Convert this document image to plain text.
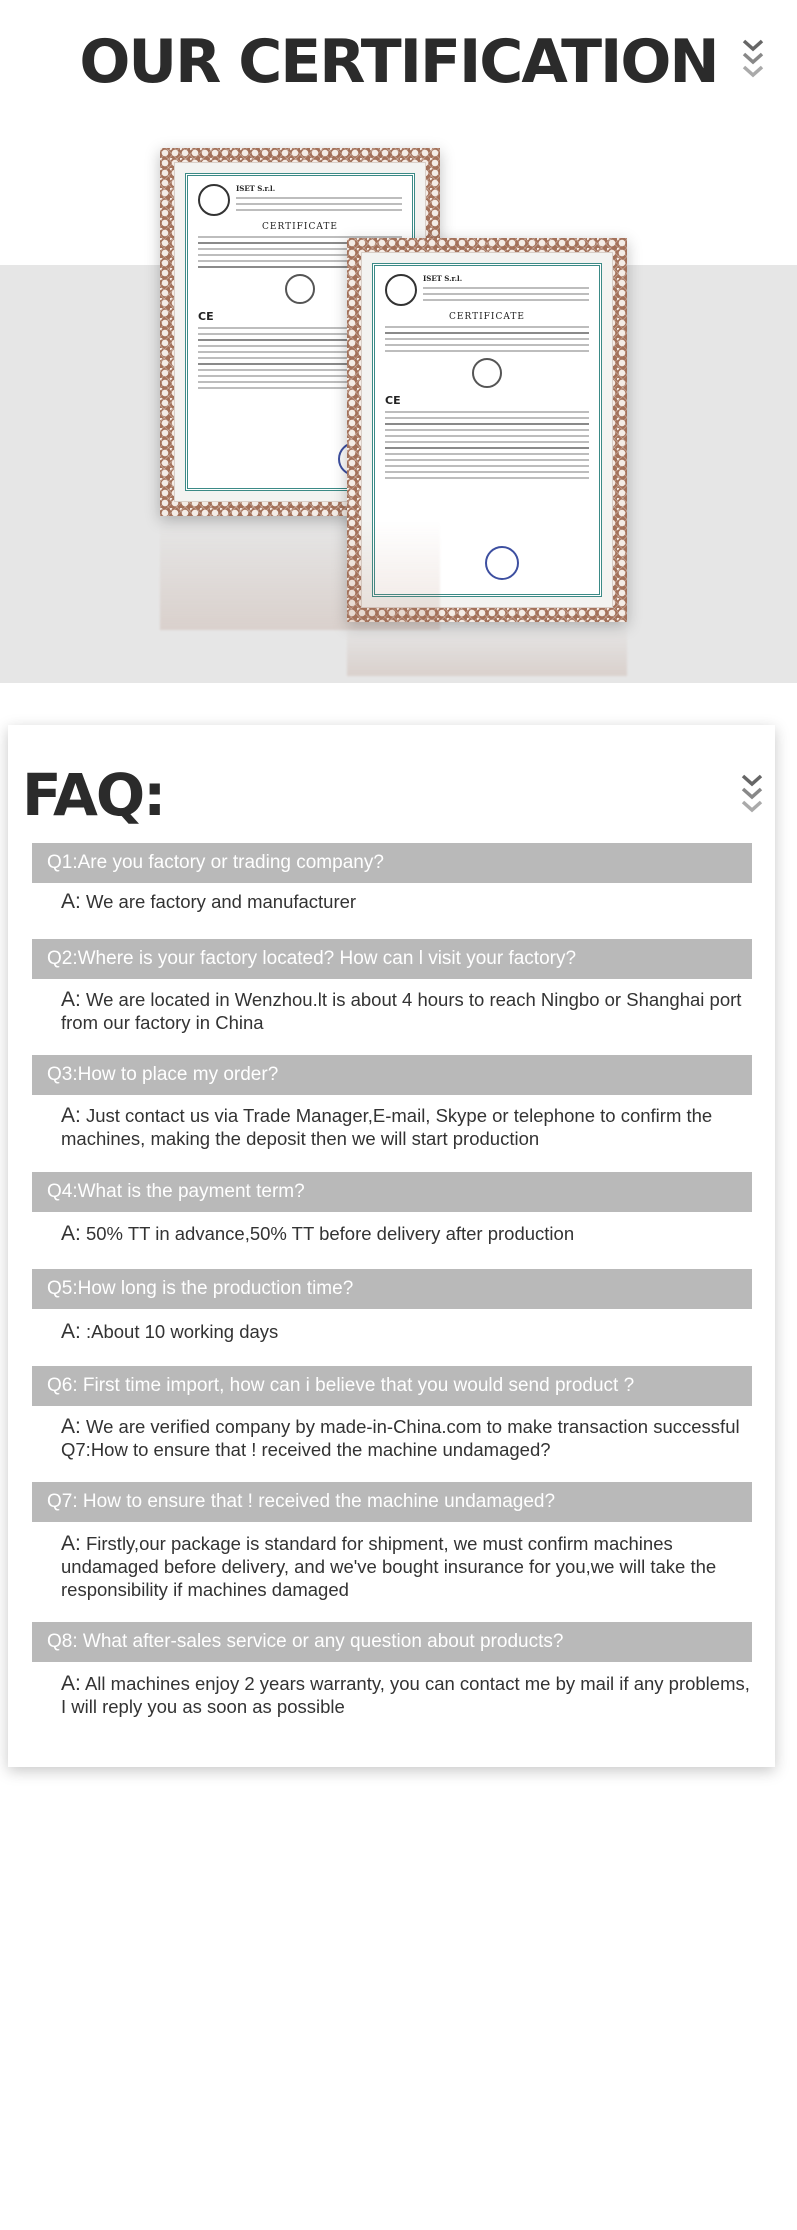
OUR CERTIFICATION
ISET S.r.l.
CERTIFICATE
CE
ISET S.r.l.
CERTIFICATE
CE
FAQ:
Q1:Are you factory or trading company?
A: We are factory and manufacturer
Q2:Where is your factory located? How can l visit your factory?
A: We are located in Wenzhou.lt is about 4 hours to reach Ningbo or Shanghai port from our factory in China
Q3:How to place my order?
A: Just contact us via Trade Manager,E-mail, Skype or telephone to confirm the machines, making the deposit then we will start production
Q4:What is the payment term?
A: 50% TT in advance,50% TT before delivery after production
Q5:How long is the production time?
A: :About 10 working days
Q6: First time import, how can i believe that you would send product ?
A: We are verified company by made-in-China.com to make transaction successful Q7:How to ensure that ! received the machine undamaged?
Q7: How to ensure that ! received the machine undamaged?
A: Firstly,our package is standard for shipment, we must confirm machines undamaged before delivery, and we've bought insurance for you,we will take the responsibility if machines damaged
Q8: What after-sales service or any question about products?
A: All machines enjoy 2 years warranty, you can contact me by mail if any problems, I will reply you as soon as possible
